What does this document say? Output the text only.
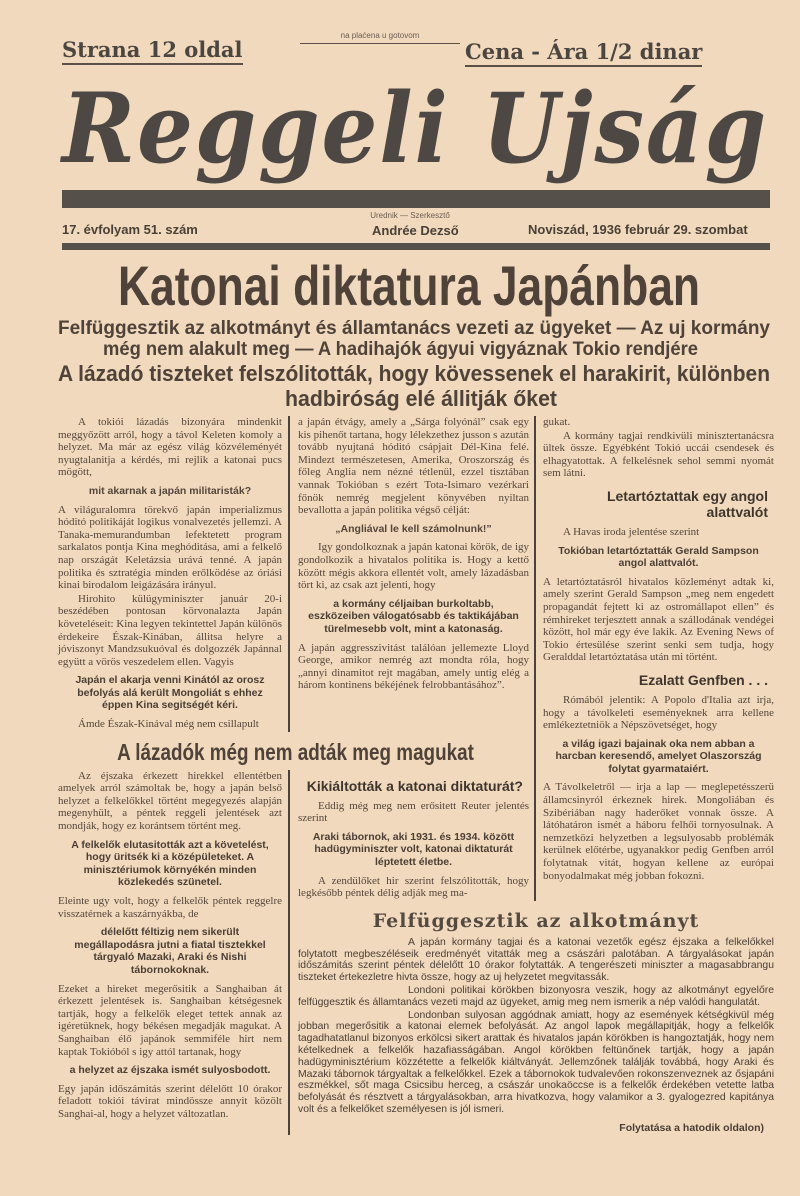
Strana 12 oldal
na plaćena u gotovom
Cena - Ára 1/2 dinar
Reggeli Ujság
17. évfolyam 51. szám
Urednik — Szerkesztő
Andrée Dezső	Noviszád, 1936 február 29. szombat
Katonai diktatura Japánban
Felfüggesztik az alkotmányt és államtanács vezeti az ügyeket — Az uj kormány
még nem alakult meg — A hadihajók ágyui vigyáznak Tokio rendjére
A lázadó tiszteket felszólitották, hogy kövessenek el harakirit, különben
hadbiróság elé állitják őket
A tokiói lázadás bizonyára mindenkit meggyőzött arról, hogy a távol Keleten komoly a helyzet. Ma már az egész világ közvéleményét nyugtalanitja a kérdés, mi rejlik a katonai pucs mögött,
mit akarnak a japán militaristák?
A világuralomra törekvő japán imperializmus hóditó politikáját logikus vonalvezetés jellemzi. A Tanaka-memurandumban lefektetett program sarkalatos pontja Kina meghóditása, ami a felkelő nap országát Keletázsia urává tenné. A japán politika és sztratégia minden erőlködése az óriási kinai birodalom leigázására irányul.
Hirohito külügyminiszter január 20-i beszédében pontosan körvonalazta Japán követeléseit: Kina legyen tekintettel Japán különös érdekeire Észak-Kinában, állitsa helyre a jóviszonyt Mandzsukuóval és dolgozzék Japánnal együtt a vörös veszedelem ellen. Vagyis
Japán el akarja venni Kinától az orosz befolyás alá került Mongoliát s ehhez éppen Kina segitségét kéri.
Ámde Észak-Kinával még nem csillapult
a japán étvágy, amely a „Sárga folyónál” csak egy kis pihenőt tartana, hogy lélekzethez jusson s azután tovább nyujtaná hóditó csápjait Dél-Kina felé. Mindezt természetesen, Amerika, Oroszország és főleg Anglia nem nézné tétlenül, ezzel tisztában vannak Tokióban s ezért Tota-Isimaro vezérkari főnök nemrég megjelent könyvében nyiltan bevallotta a japán politika végső célját:
„Angliával le kell számolnunk!”
Igy gondolkoznak a japán katonai körök, de igy gondolkozik a hivatalos politika is. Hogy a kettő között mégis akkora ellentét volt, amely lázadásban tört ki, az csak azt jelenti, hogy
a kormány céljaiban burkoltabb, eszközeiben válogatósabb és taktikájában türelmesebb volt, mint a katonaság.
A japán aggresszivitást találóan jellemezte Lloyd George, amikor nemrég azt mondta róla, hogy „annyi dinamitot rejt magában, amely untig elég a három kontinens békéjének felrobbantásához”.
gukat.
A kormány tagjai rendkivüli minisztertanácsra ültek össze. Egyébként Tokió uccái csendesek és elhagyatottak. A felkelésnek sehol semmi nyomát sem látni.
Letartóztattak egy angol alattvalót
A Havas iroda jelentése szerint
Tokióban letartóztatták Gerald Sampson angol alattvalót.
A letartóztatásról hivatalos közleményt adtak ki, amely szerint Gerald Sampson „meg nem engedett propagandát fejtett ki az ostromállapot ellen” és rémhireket terjesztett annak a szállodának vendégei között, hol már egy éve lakik. Az Evening News of Tokio értesülése szerint senki sem tudja, hogy Geralddal letartóztatása után mi történt.
Ezalatt Genfben . . .
Rómából jelentik: A Popolo d'Italia azt irja, hogy a távolkeleti eseményeknek arra kellene emlékeztetniök a Népszövetséget, hogy
a világ igazi bajainak oka nem abban a harcban keresendő, amelyet Olaszország folytat gyarmataiért.
A Távolkeletről — irja a lap — meglepetésszerü államcsinyról érkeznek hirek. Mongoliában és Szibériában nagy haderőket vonnak össze. A látóhatáron ismét a háboru felhői tornyosulnak. A nemzetközi helyzetben a legsulyosabb problémák kerülnek előtérbe, ugyanakkor pedig Genfben arról folytatnak vitát, hogyan kellene az európai bonyodalmakat még jobban fokozni.
A lázadók még nem adták meg magukat
Az éjszaka érkezett hirekkel ellentétben amelyek arról számoltak be, hogy a japán belső helyzet a felkelőkkel történt megegyezés alapján megenyhült, a péntek reggeli jelentések azt mondják, hogy ez korántsem történt meg.
A felkelők elutasitották azt a követelést, hogy üritsék ki a középületeket. A minisztériumok környékén minden közlekedés szünetel.
Eleinte ugy volt, hogy a felkelők péntek reggelre visszatérnek a kaszárnyákba, de
délelőtt féltizig nem sikerült megállapodásra jutni a fiatal tisztekkel tárgyaló Mazaki, Araki és Nishi tábornokoknak.
Ezeket a hireket megerősitik a Sanghaiban át érkezett jelentések is. Sanghaiban kétségesnek tartják, hogy a felkelők eleget tettek annak az igéretüknek, hogy békésen megadják magukat. A Sanghaiban élő japánok semmiféle hirt nem kaptak Tokióból s igy attól tartanak, hogy
a helyzet az éjszaka ismét sulyosbodott.
Egy japán időszámitás szerint délelőtt 10 órakor feladott tokiói távirat mindössze annyit közölt Sanghai-al, hogy a helyzet változatlan.
Kikiáltották a katonai diktaturát?
Eddig még meg nem erősitett Reuter jelentés szerint
Araki tábornok, aki 1931. és 1934. között hadügyminiszter volt, katonai diktaturát léptetett életbe.
A zendülőket hir szerint felszólitották, hogy legkésőbb péntek délig adják meg ma-
Felfüggesztik az alkotmányt
A japán kormány tagjai és a katonai vezetők egész éjszaka a felkelőkkel folytatott megbeszéléseik eredményét vitatták meg a császári palotában. A tárgyalásokat japán időszámitás szerint péntek délelőtt 10 órakor folytatták. A tengerészeti miniszter a magasabbrangu tiszteket értekezletre hivta össze, hogy az uj helyzetet megvitassák.
Londoni politikai körökben bizonyosra veszik, hogy az alkotmányt egyelőre felfüggesztik és államtanács vezeti majd az ügyeket, amig meg nem ismerik a nép valódi hangulatát.
Londonban sulyosan aggódnak amiatt, hogy az események kétségkivül még jobban megerősitik a katonai elemek befolyását. Az angol lapok megállapitják, hogy a felkelők tagadhatatlanul bizonyos erkölcsi sikert arattak és hivatalos japán körökben is hangoztatják, hogy nem kételkednek a felkelők hazafiasságában. Angol körökben feltünőnek tartják, hogy a japán hadügyminisztérium közzétette a felkelők kiáltványát. Jellemzőnek találják továbbá, hogy Araki és Mazaki tábornok tárgyaltak a felkelőkkel. Ezek a tábornokok tudvalevően rokonszenveznek az ősjapáni eszmékkel, sőt maga Csicsibu herceg, a császár unokaöccse is a felkelők érdekében vetette latba befolyását és résztvett a tárgyalásokban, arra hivatkozva, hogy valamikor a 3. gyalogezred kapitánya volt és a felkelőket személyesen is jól ismeri.
Folytatása a hatodik oldalon)
